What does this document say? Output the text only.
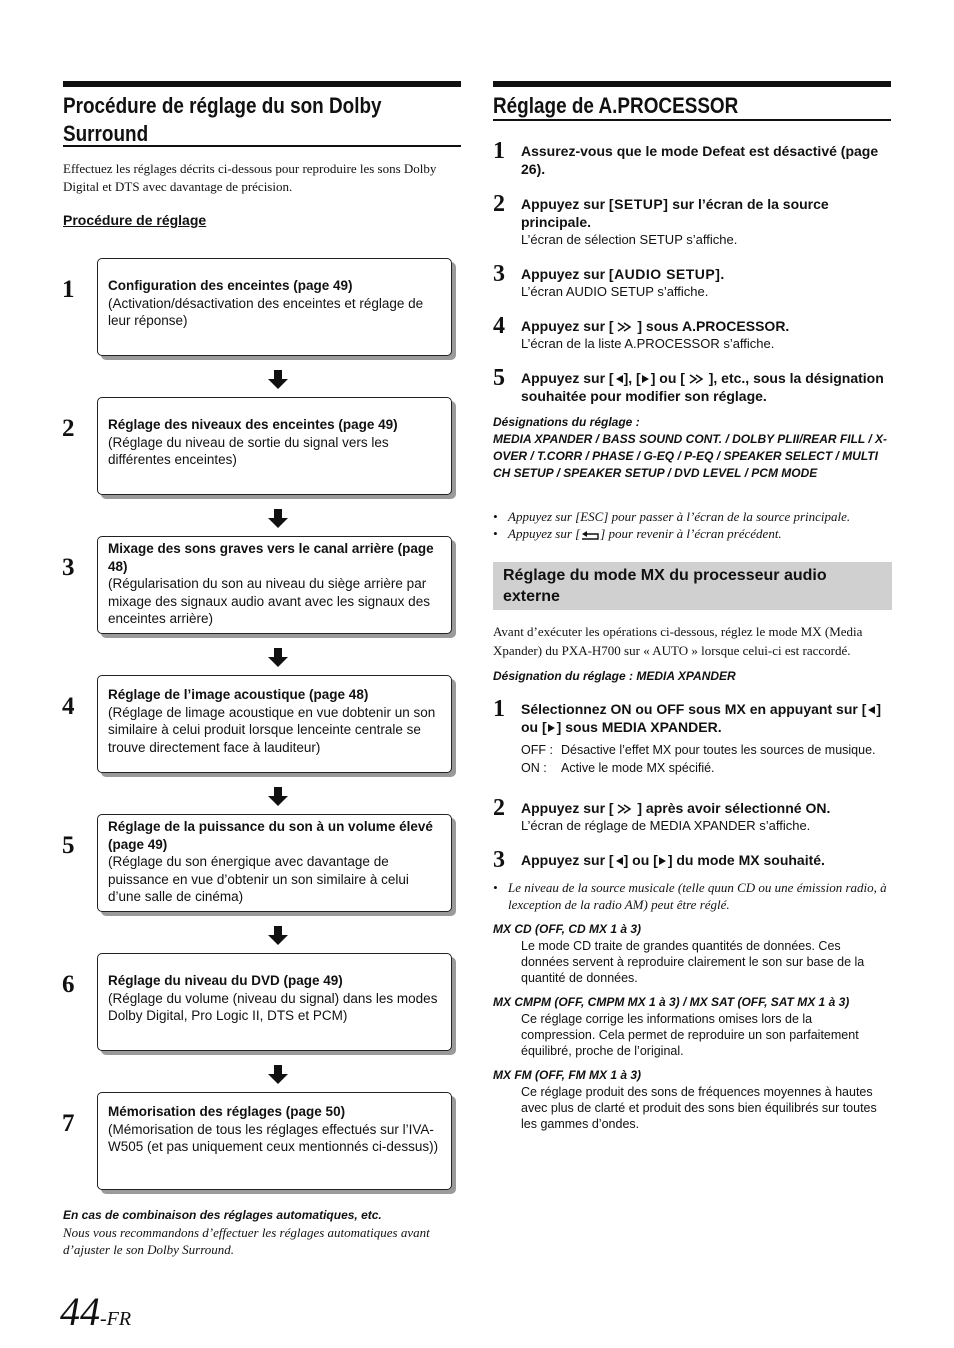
Procédure de réglage du son Dolby Surround
Effectuez les réglages décrits ci-dessous pour reproduire les sons Dolby Digital et DTS avec davantage de précision.
Procédure de réglage
1 Configuration des enceintes (page 49)
(Activation/désactivation des enceintes et réglage de leur réponse)
2 Réglage des niveaux des enceintes (page 49)
(Réglage du niveau de sortie du signal vers les différentes enceintes)
3
Mixage des sons graves vers le canal arrière (page 48)
(Régularisation du son au niveau du siège arrière par mixage des signaux audio avant avec les signaux des enceintes arrière)
4 Réglage de l’image acoustique (page 48)
(Réglage de limage acoustique en vue dobtenir un son similaire à celui produit lorsque lenceinte centrale se trouve directement face à lauditeur)
5
Réglage de la puissance du son à un volume élevé (page 49)
(Réglage du son énergique avec davantage de puissance en vue d’obtenir un son similaire à celui d’une salle de cinéma)
6 Réglage du niveau du DVD (page 49)
(Réglage du volume (niveau du signal) dans les modes Dolby Digital, Pro Logic II, DTS et PCM)
7 Mémorisation des réglages (page 50)
(Mémorisation de tous les réglages effectués sur l’IVA-W505 (et pas uniquement ceux mentionnés ci-dessus))
En cas de combinaison des réglages automatiques, etc.
Nous vous recommandons d’effectuer les réglages automatiques avant d’ajuster le son Dolby Surround.
44-FR
Réglage de A.PROCESSOR
1 Assurez-vous que le mode Defeat est désactivé (page 26).
2 Appuyez sur [SETUP] sur l’écran de la source principale.
L’écran de sélection SETUP s’affiche.
3 Appuyez sur [AUDIO SETUP].
L’écran AUDIO SETUP s’affiche.
4 Appuyez sur [  ] sous A.PROCESSOR.
L’écran de la liste A.PROCESSOR s’affiche.
5 Appuyez sur [ ], [ ] ou [  ], etc., sous la désignation souhaitée pour modifier son réglage.
Désignations du réglage :
MEDIA XPANDER / BASS SOUND CONT. / DOLBY PLII/REAR FILL / X-OVER / T.CORR / PHASE / G-EQ / P-EQ / SPEAKER SELECT / MULTI CH SETUP / SPEAKER SETUP / DVD LEVEL / PCM MODE
• Appuyez sur [ESC] pour passer à l’écran de la source principale.
• Appuyez sur [ ] pour revenir à l’écran précédent.
Réglage du mode MX du processeur audio externe
Avant d’exécuter les opérations ci-dessous, réglez le mode MX (Media Xpander) du PXA-H700 sur « AUTO » lorsque celui-ci est raccordé.
Désignation du réglage : MEDIA XPANDER
1 Sélectionnez ON ou OFF sous MX en appuyant sur [ ] ou [ ] sous MEDIA XPANDER.
OFF : Désactive l’effet MX pour toutes les sources de musique.
ON : Active le mode MX spécifié.
2 Appuyez sur [  ] après avoir sélectionné ON.
L’écran de réglage de MEDIA XPANDER s’affiche.
3 Appuyez sur [ ] ou [ ] du mode MX souhaité.
• Le niveau de la source musicale (telle quun CD ou une émission radio, à lexception de la radio AM) peut être réglé.
MX CD (OFF, CD MX 1 à 3)
Le mode CD traite de grandes quantités de données. Ces données servent à reproduire clairement le son sur base de la quantité de données.
MX CMPM (OFF, CMPM MX 1 à 3) / MX SAT (OFF, SAT MX 1 à 3)
Ce réglage corrige les informations omises lors de la compression. Cela permet de reproduire un son parfaitement équilibré, proche de l’original.
MX FM (OFF, FM MX 1 à 3)
Ce réglage produit des sons de fréquences moyennes à hautes avec plus de clarté et produit des sons bien équilibrés sur toutes les gammes d’ondes.
